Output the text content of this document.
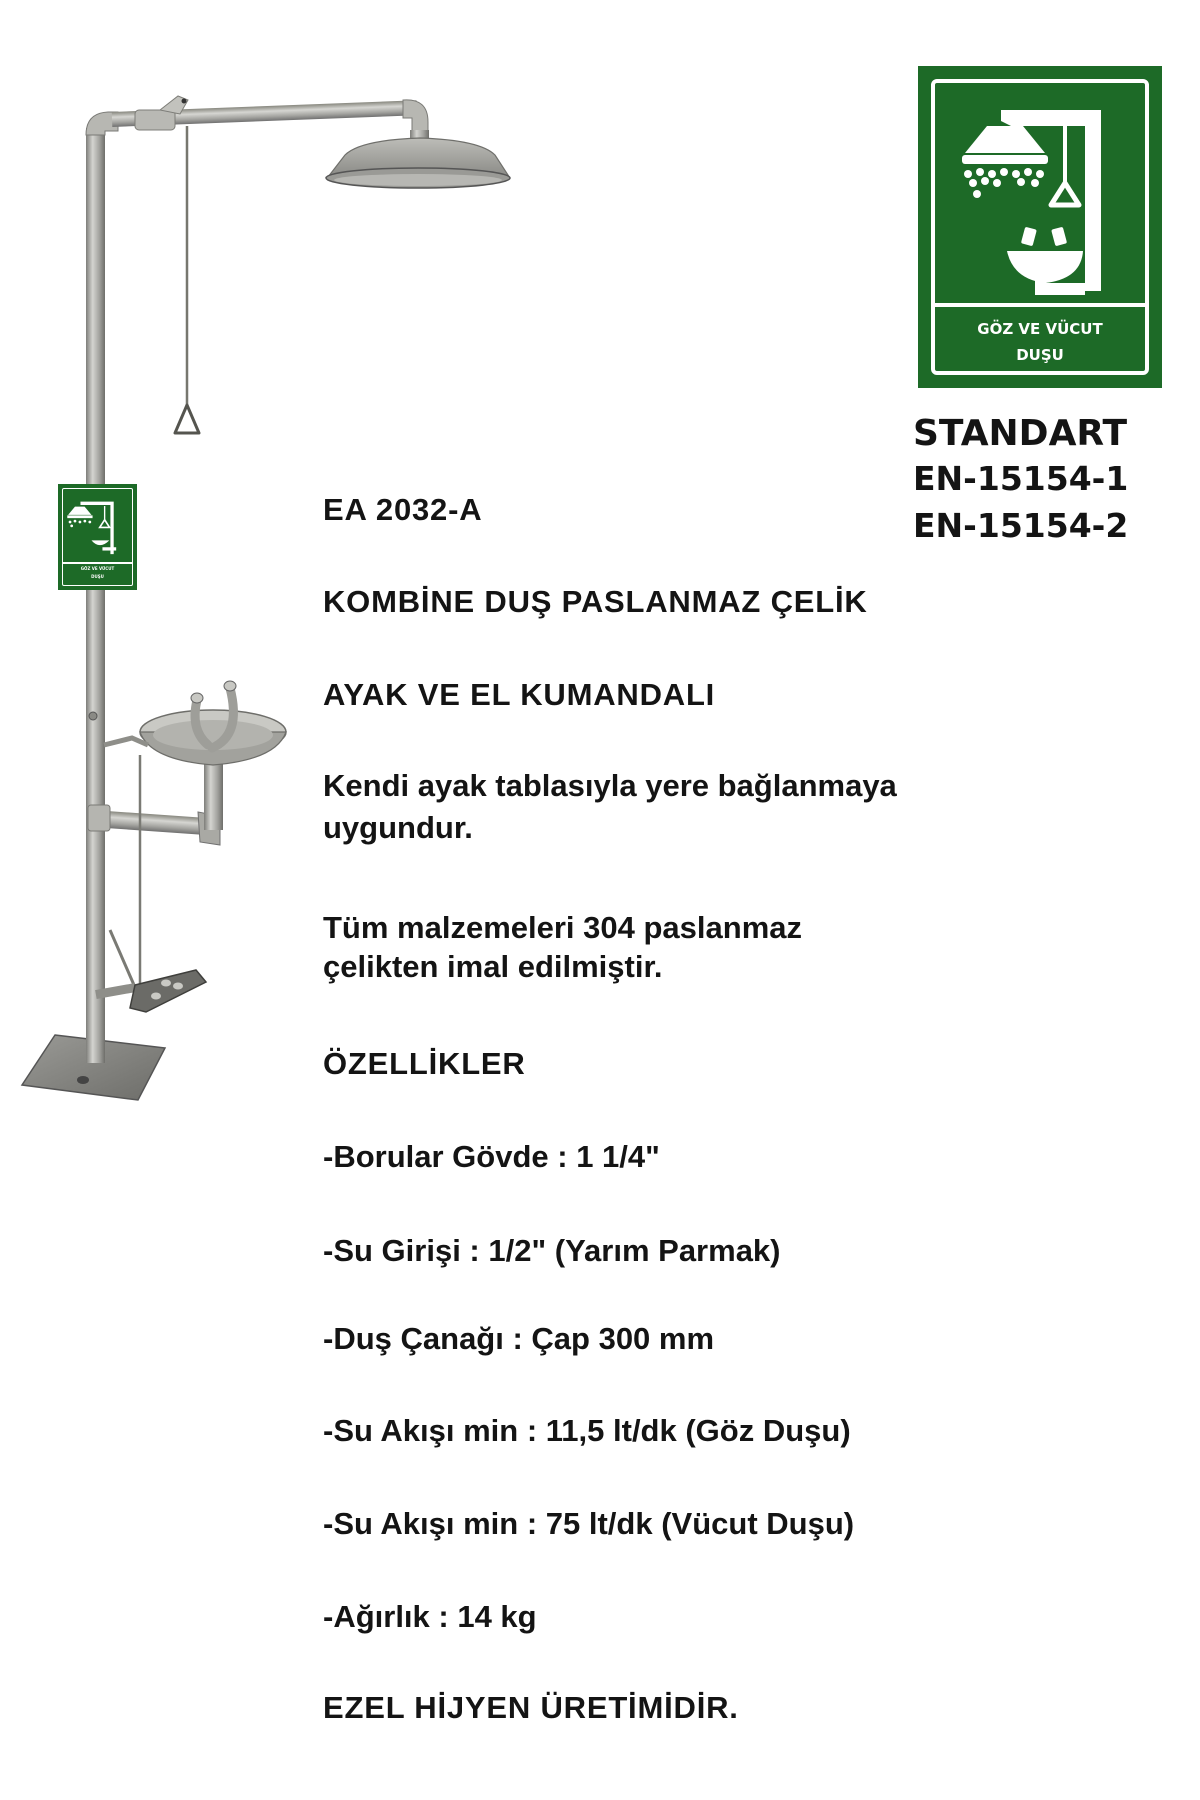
GÖZ VE VÜCUT
DUŞU
GÖZ VE VÜCUT
DUŞU
STANDART
EN-15154-1
EN-15154-2
EA 2032-A
KOMBİNE DUŞ PASLANMAZ ÇELİK
AYAK VE EL KUMANDALI
Kendi ayak tablasıyla yere bağlanmaya
uygundur.
Tüm malzemeleri 304 paslanmaz
çelikten imal edilmiştir.
ÖZELLİKLER
-Borular Gövde : 1 1/4"
-Su Girişi : 1/2" (Yarım Parmak)
-Duş Çanağı : Çap 300 mm
-Su Akışı min : 11,5 lt/dk (Göz Duşu)
-Su Akışı min : 75 lt/dk (Vücut Duşu)
-Ağırlık : 14 kg
EZEL HİJYEN ÜRETİMİDİR.
